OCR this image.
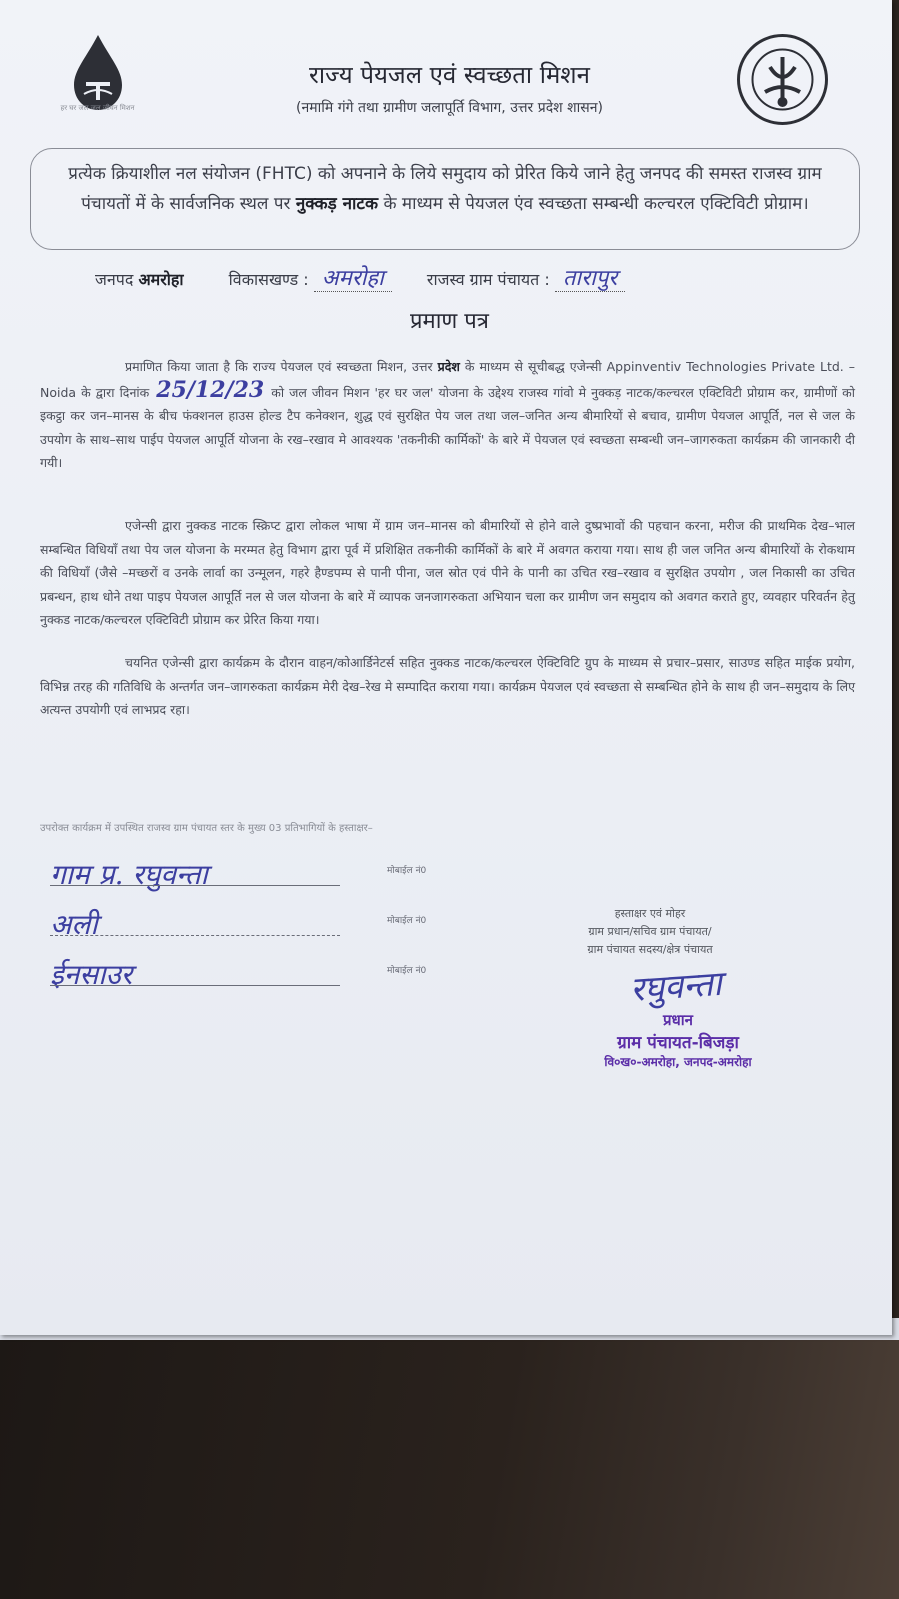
हर घर जल जल जीवन मिशन
राज्य पेयजल एवं स्वच्छता मिशन
(नमामि गंगे तथा ग्रामीण जलापूर्ति विभाग, उत्तर प्रदेश शासन)
प्रत्येक क्रियाशील नल संयोजन (FHTC) को अपनाने के लिये समुदाय को प्रेरित किये जाने हेतु जनपद की समस्त राजस्व ग्राम पंचायतों में के सार्वजनिक स्थल पर नुक्कड़ नाटक के माध्यम से पेयजल एंव स्वच्छता सम्बन्धी कल्चरल एक्टिविटी प्रोग्राम।
जनपद अमरोहा	विकासखण्ड : अमरोहा	राजस्व ग्राम पंचायत : तारापुर
प्रमाण पत्र
प्रमाणित किया जाता है कि राज्य पेयजल एवं स्वच्छता मिशन, उत्तर प्रदेश के माध्यम से सूचीबद्ध एजेन्सी Appinventiv Technologies Private Ltd. – Noida के द्वारा दिनांक 25/12/23 को जल जीवन मिशन 'हर घर जल' योजना के उद्देश्य राजस्व गांवो मे नुक्कड़ नाटक/कल्चरल एक्टिविटी प्रोग्राम कर, ग्रामीणों को इकट्ठा कर जन–मानस के बीच फंक्शनल हाउस होल्ड टैप कनेक्शन, शुद्ध एवं सुरक्षित पेय जल तथा जल–जनित अन्य बीमारियों से बचाव, ग्रामीण पेयजल आपूर्ति, नल से जल के उपयोग के साथ–साथ पाईप पेयजल आपूर्ति योजना के रख–रखाव मे आवश्यक 'तकनीकी कार्मिकों' के बारे में पेयजल एवं स्वच्छता सम्बन्धी जन–जागरुकता कार्यक्रम की जानकारी दी गयी।
एजेन्सी द्वारा नुक्कड नाटक स्क्रिप्ट द्वारा लोकल भाषा में ग्राम जन–मानस को बीमारियों से होने वाले दुष्प्रभावों की पहचान करना, मरीज की प्राथमिक देख–भाल सम्बन्धित विधियाँ तथा पेय जल योजना के मरम्मत हेतु विभाग द्वारा पूर्व में प्रशिक्षित तकनीकी कार्मिकों के बारे में अवगत कराया गया। साथ ही जल जनित अन्य बीमारियों के रोकथाम की विधियाँ (जैसे –मच्छरों व उनके लार्वा का उन्मूलन, गहरे हैण्डपम्प से पानी पीना, जल स्रोत एवं पीने के पानी का उचित रख–रखाव व सुरक्षित उपयोग , जल निकासी का उचित प्रबन्धन, हाथ धोने तथा पाइप पेयजल आपूर्ति नल से जल योजना के बारे में व्यापक जनजागरुकता अभियान चला कर ग्रामीण जन समुदाय को अवगत कराते हुए, व्यवहार परिवर्तन हेतु नुक्कड नाटक/कल्चरल एक्टिविटी प्रोग्राम कर प्रेरित किया गया।
चयनित एजेन्सी द्वारा कार्यक्रम के दौरान वाहन/कोआर्डिनेटर्स सहित नुक्कड नाटक/कल्चरल ऐक्टिविटि ग्रुप के माध्यम से प्रचार–प्रसार, साउण्ड सहित माईक प्रयोग, विभिन्न तरह की गतिविधि के अन्तर्गत जन–जागरुकता कार्यक्रम मेरी देख–रेख मे सम्पादित कराया गया। कार्यक्रम पेयजल एवं स्वच्छता से सम्बन्धित होने के साथ ही जन–समुदाय के लिए अत्यन्त उपयोगी एवं लाभप्रद रहा।
उपरोक्त कार्यक्रम में उपस्थित राजस्व ग्राम पंचायत स्तर के मुख्य 03 प्रतिभागियों के हस्ताक्षर–
गाम प्र. रघुवन्ता	मोबाईल नं0
अली	मोबाईल नं0
ईनसाउर	मोबाईल नं0
हस्ताक्षर एवं मोहर
ग्राम प्रधान/सचिव ग्राम पंचायत/
ग्राम पंचायत सदस्य/क्षेत्र पंचायत
रघुवन्ता
प्रधान
ग्राम पंचायत-बिजड़ा
वि०ख०-अमरोहा, जनपद-अमरोहा
